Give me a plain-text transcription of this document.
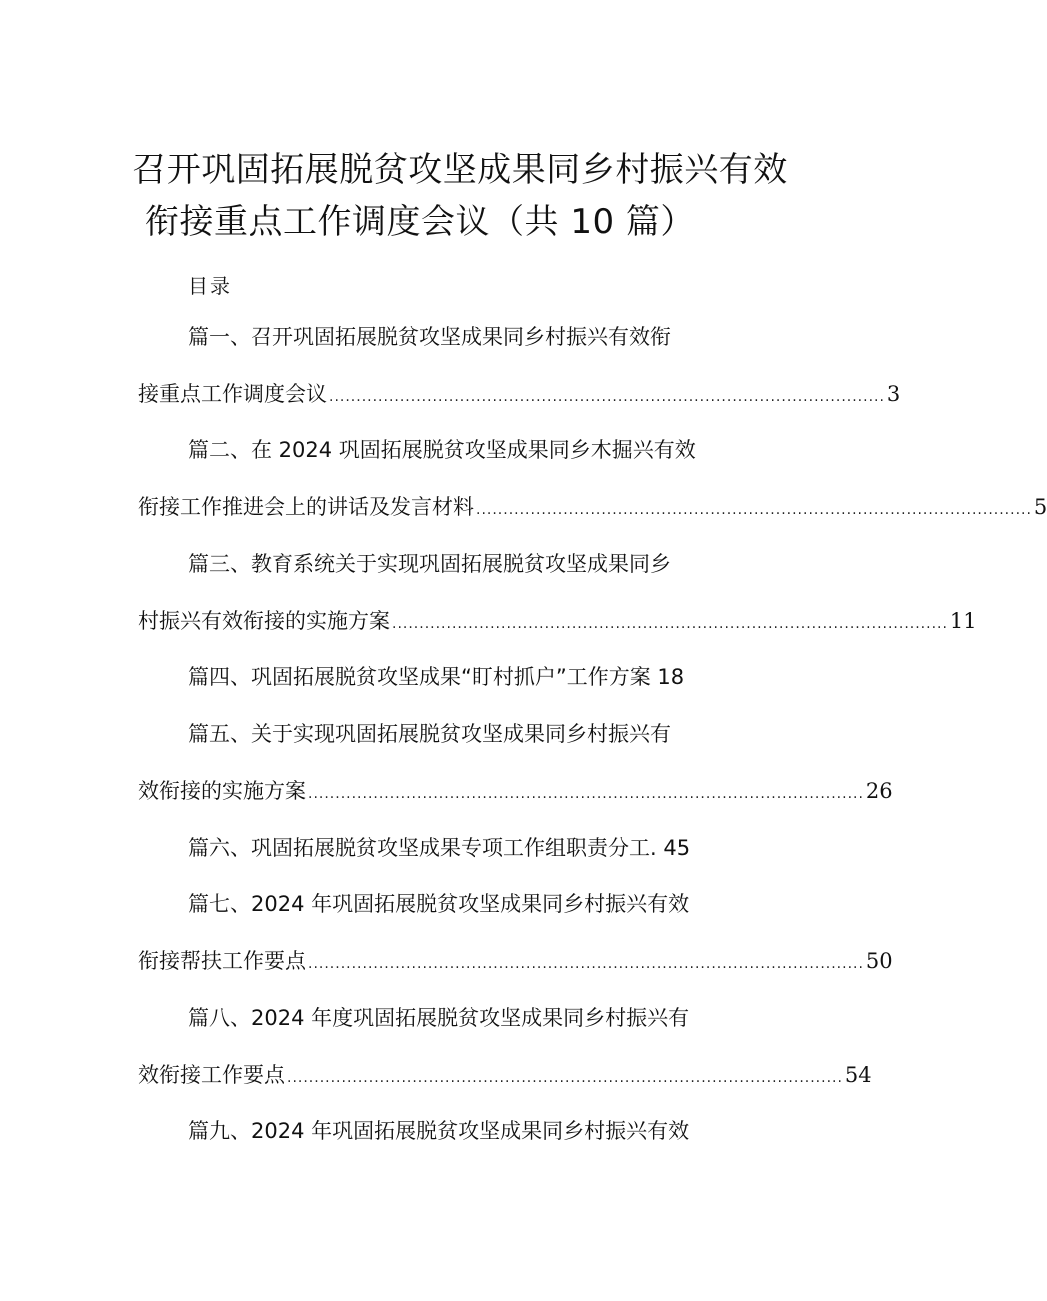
召开巩固拓展脱贫攻坚成果同乡村振兴有效
衔接重点工作调度会议（共 10 篇）
目录
篇一、召开巩固拓展脱贫攻坚成果同乡村振兴有效衔
接重点工作调度会议 ...................................................................................................... 3
篇二、在 2024 巩固拓展脱贫攻坚成果同乡木掘兴有效
衔接工作推进会上的讲话及发言材料 ...................................................................................................... 5
篇三、教育系统关于实现巩固拓展脱贫攻坚成果同乡
村振兴有效衔接的实施方案 ...................................................................................................... 11
篇四、巩固拓展脱贫攻坚成果“盯村抓户”工作方案 18
篇五、关于实现巩固拓展脱贫攻坚成果同乡村振兴有
效衔接的实施方案 ...................................................................................................... 26
篇六、巩固拓展脱贫攻坚成果专项工作组职责分工. 45
篇七、2024 年巩固拓展脱贫攻坚成果同乡村振兴有效
衔接帮扶工作要点 ...................................................................................................... 50
篇八、2024 年度巩固拓展脱贫攻坚成果同乡村振兴有
效衔接工作要点 ...................................................................................................... 54
篇九、2024 年巩固拓展脱贫攻坚成果同乡村振兴有效
